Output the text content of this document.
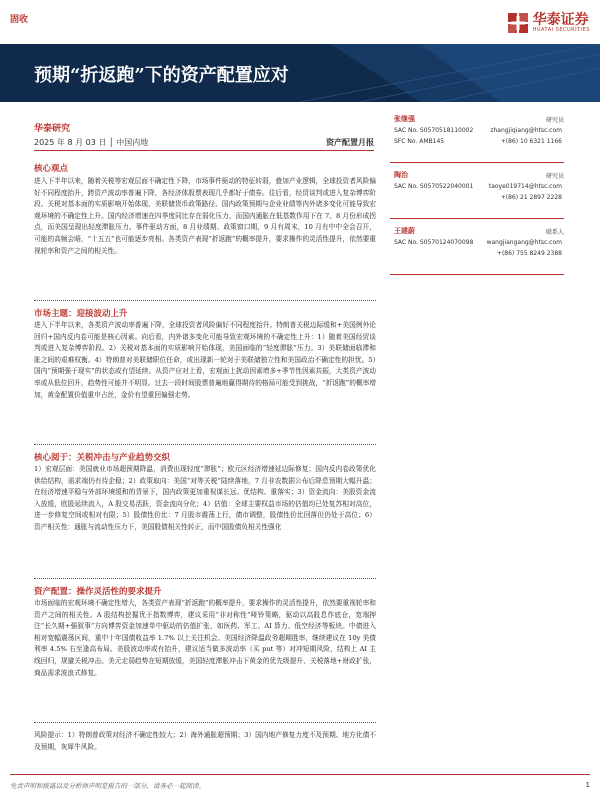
固收	华泰证券
HUATAI SECURITIES
预期“折返跑”下的资产配置应对
华泰研究
2025 年 8 月 03 日 │ 中国内地	资产配置月报
张继强	研究员
SAC No. S0570518110002	zhangjiqiang@htsc.com
SFC No. AMB145	+(86) 10 6321 1166
陶治	研究员
SAC No. S0570522040001	taoye019714@htsc.com
+(86) 21 2897 2228
王建蔚	联系人
SAC No. S0570124070098 wangjiangang@htsc.com
+(86) 755 8249 2388
核心观点
进入下半年以来，随着关税等宏观层面不确定性下降，市场事件驱动的特征转弱，叠加产业逻辑，全球投资者风险偏好不同程度抬升，跨资产波动率普遍下降，各经济体股票表现几乎都好于债券。往后看，经贸谈判或进入复杂博弈阶段、关税对基本面的实质影响开始体现、美联储货币政策路径、国内政策预期与企业业绩等内外诸多变化可能导致宏观环境的不确定性上升。国内经济增速在四季度同比存在弱化压力，而国内通胀在低基数作用下在 7、8 月份形成拐点，而美国呈现出轻度滞胀压力。事件驱动方面，8 月业绩期、政策窗口期，9 月有周末，10 月有中中全会召开，可能的高频会晤，“十五五”也可能逐步亮相。各类资产表现“折返跑”的概率提升，要求操作的灵活性提升，依然要重视轮率和资产之间的相关性。
市场主题：迎接波动上升
进入下半年以来，各类资产波动率普遍下降，全球投资者风险偏好不同程度抬升。特朗普关税边际缓和+美国例外论回归+国内反内卷可能是核心因素。向后看，内外诸多变化可能导致宏观环境的不确定性上升：1）随着美国经贸谈判或进入复杂博弈阶段。2）关税对基本面的实质影响开始体现，美国面临的“轻度滞胀”压力。3）美联储面临滞和胀之间的艰难权衡。4）特朗普对美联储职位任命，或出现新一轮对于美联储独立性和美国政治不确定性的担忧。5）国内“预期强于现实”的状态或有望延续。从资产应对上看，宏观面上扰动因素增多+季节性因素共振，大类资产波动率或从低位回升，趋势性可能并不明显。过去一段时间股票普遍地赢得期待的格局可能受到挑战，“折返跑”的概率增加，黄金配置价值重申占丝，金价有望重回偏强走势。
核心阅于：关税冲击与产业趋势交织
1）宏观层面：美国就业市场超预期降温，消费出现轻度“滞胀”；欧元区经济增速延边际修复；国内反内卷政策优化供给结构，需求端仍有待企稳；2）政策取向：美国“对等关税”陆续落地，7 月非农数据公布后降息预期大幅升温；在经济增速平稳与外部环境缓和的背景下，国内政策更加重视谋长远、优结构、重落实；3）资金流向：美股资金流入放缓，欧股延续流入，A 股交易活跃，资金流向分化；4）估值：全球主要权益市场的估值均已处复苏相对高位，进一步修复空间或相对有限；5）股债性价比：7 月股市震荡上行，债市调整，股债性价比回落但仍处于高位；6）资产相关性：通胀与流动性压力下，美国股债相关性转正，而中国股债负相关性强化
资产配置：操作灵活性的要求提升
市场面临的宏观环境不确定性增大，各类资产表现“折返跑”的概率提升，要求操作的灵活性提升，依然要重视轮率和资产之间的相关性。A 股结构挖掘优于指数博弈，建议采用“非对称性”哑铃策略，驱动以高股息作底仓，宽端押注“长久期+强叙事”方向博弈资金加速单中驱动的估值扩张，如医药、军工、AI 算力、低空经济等板块。中债进入相对宽幅震荡区间，重中十年国债收益率 1.7% 以上关注机会。美国经济降温政务超期胜率，继续建议在 10y 美债利率 4.5% 右至逢高布局。美股波动率或有抬升，建议适当做多波动率（买 put 等）对冲短期风险，结构上 AI 主线回归，规避关税冲击。美元走弱趋势在短期放缓，美国轻度滞胀冲击下黄金的优先级提升，关税落地+财政扩张，商品需求波浪式修复。
风险提示：1）特朗普政策对经济不确定性较大；2）海外通胀超预期；3）国内地产修复力度不及预期、地方化债不及预期，灰犀牛风险。
免责声明和披露以及分析师声明是报告的一部分，请务必一起阅读。	1
